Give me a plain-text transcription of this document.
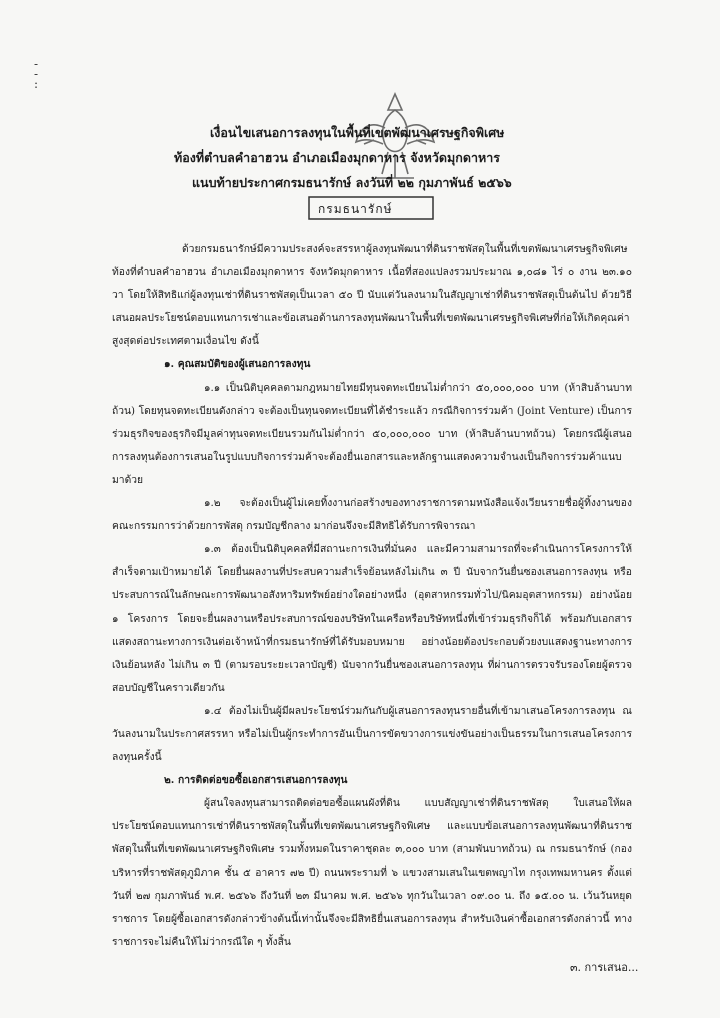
-
-
:
กรมธนารักษ์
เงื่อนไขเสนอการลงทุนในพื้นที่เขตพัฒนาเศรษฐกิจพิเศษ
ท้องที่ตำบลคำอาฮวน อำเภอเมืองมุกดาหาร จังหวัดมุกดาหาร
แนบท้ายประกาศกรมธนารักษ์ ลงวันที่ ๒๒ กุมภาพันธ์ ๒๕๖๖

ด้วยกรมธนารักษ์มีความประสงค์จะสรรหาผู้ลงทุนพัฒนาที่ดินราชพัสดุในพื้นที่เขตพัฒนาเศรษฐกิจพิเศษ ท้องที่ตำบลคำอาฮวน อำเภอเมืองมุกดาหาร จังหวัดมุกดาหาร เนื้อที่สองแปลงรวมประมาณ ๑,๐๘๑ ไร่ ๐ งาน ๒๓.๑๐ วา โดยให้สิทธิแก่ผู้ลงทุนเช่าที่ดินราชพัสดุเป็นเวลา ๕๐ ปี นับแต่วันลงนามในสัญญาเช่าที่ดินราชพัสดุเป็นต้นไป ด้วยวิธีเสนอผลประโยชน์ตอบแทนการเช่าและข้อเสนอด้านการลงทุนพัฒนาในพื้นที่เขตพัฒนาเศรษฐกิจพิเศษที่ก่อให้เกิดคุณค่าสูงสุดต่อประเทศตามเงื่อนไข ดังนี้

๑. คุณสมบัติของผู้เสนอการลงทุน

๑.๑ เป็นนิติบุคคลตามกฎหมายไทยมีทุนจดทะเบียนไม่ต่ำกว่า ๕๐,๐๐๐,๐๐๐ บาท (ห้าสิบล้านบาทถ้วน) โดยทุนจดทะเบียนดังกล่าว จะต้องเป็นทุนจดทะเบียนที่ได้ชำระแล้ว กรณีกิจการร่วมค้า (Joint Venture) เป็นการร่วมธุรกิจของธุรกิจมีมูลค่าทุนจดทะเบียนรวมกันไม่ต่ำกว่า ๕๐,๐๐๐,๐๐๐ บาท (ห้าสิบล้านบาทถ้วน) โดยกรณีผู้เสนอการลงทุนต้องการเสนอในรูปแบบกิจการร่วมค้าจะต้องยื่นเอกสารและหลักฐานแสดงความจำนงเป็นกิจการร่วมค้าแนบมาด้วย

๑.๒ จะต้องเป็นผู้ไม่เคยทิ้งงานก่อสร้างของทางราชการตามหนังสือแจ้งเวียนรายชื่อผู้ทิ้งงานของคณะกรรมการว่าด้วยการพัสดุ กรมบัญชีกลาง มาก่อนจึงจะมีสิทธิได้รับการพิจารณา

๑.๓ ต้องเป็นนิติบุคคลที่มีสถานะการเงินที่มั่นคง และมีความสามารถที่จะดำเนินการโครงการให้สำเร็จตามเป้าหมายได้ โดยยื่นผลงานที่ประสบความสำเร็จย้อนหลังไม่เกิน ๓ ปี นับจากวันยื่นซองเสนอการลงทุน หรือประสบการณ์ในลักษณะการพัฒนาอสังหาริมทรัพย์อย่างใดอย่างหนึ่ง (อุตสาหกรรมทั่วไป/นิคมอุตสาหกรรม) อย่างน้อย ๑ โครงการ โดยจะยื่นผลงานหรือประสบการณ์ของบริษัทในเครือหรือบริษัทหนึ่งที่เข้าร่วมธุรกิจก็ได้ พร้อมกับเอกสารแสดงสถานะทางการเงินต่อเจ้าหน้าที่กรมธนารักษ์ที่ได้รับมอบหมาย อย่างน้อยต้องประกอบด้วยงบแสดงฐานะทางการเงินย้อนหลัง ไม่เกิน ๓ ปี (ตามรอบระยะเวลาบัญชี) นับจากวันยื่นซองเสนอการลงทุน ที่ผ่านการตรวจรับรองโดยผู้ตรวจสอบบัญชีในคราวเดียวกัน

๑.๔ ต้องไม่เป็นผู้มีผลประโยชน์ร่วมกันกับผู้เสนอการลงทุนรายอื่นที่เข้ามาเสนอโครงการลงทุน ณ วันลงนามในประกาศสรรหา หรือไม่เป็นผู้กระทำการอันเป็นการขัดขวางการแข่งขันอย่างเป็นธรรมในการเสนอโครงการลงทุนครั้งนี้

๒. การติดต่อขอซื้อเอกสารเสนอการลงทุน

ผู้สนใจลงทุนสามารถติดต่อขอซื้อแผนผังที่ดิน แบบสัญญาเช่าที่ดินราชพัสดุ ใบเสนอให้ผลประโยชน์ตอบแทนการเช่าที่ดินราชพัสดุในพื้นที่เขตพัฒนาเศรษฐกิจพิเศษ และแบบข้อเสนอการลงทุนพัฒนาที่ดินราชพัสดุในพื้นที่เขตพัฒนาเศรษฐกิจพิเศษ รวมทั้งหมดในราคาชุดละ ๓,๐๐๐ บาท (สามพันบาทถ้วน) ณ กรมธนารักษ์ (กองบริหารที่ราชพัสดุภูมิภาค ชั้น ๕ อาคาร ๗๒ ปี) ถนนพระรามที่ ๖ แขวงสามเสนในเขตพญาไท กรุงเทพมหานคร ตั้งแต่วันที่ ๒๗ กุมภาพันธ์ พ.ศ. ๒๕๖๖ ถึงวันที่ ๒๓ มีนาคม พ.ศ. ๒๕๖๖ ทุกวันในเวลา ๐๙.๐๐ น. ถึง ๑๕.๐๐ น. เว้นวันหยุดราชการ โดยผู้ซื้อเอกสารดังกล่าวข้างต้นนี้เท่านั้นจึงจะมีสิทธิยื่นเสนอการลงทุน สำหรับเงินค่าซื้อเอกสารดังกล่าวนี้ ทางราชการจะไม่คืนให้ไม่ว่ากรณีใด ๆ ทั้งสิ้น

๓. การเสนอ...
